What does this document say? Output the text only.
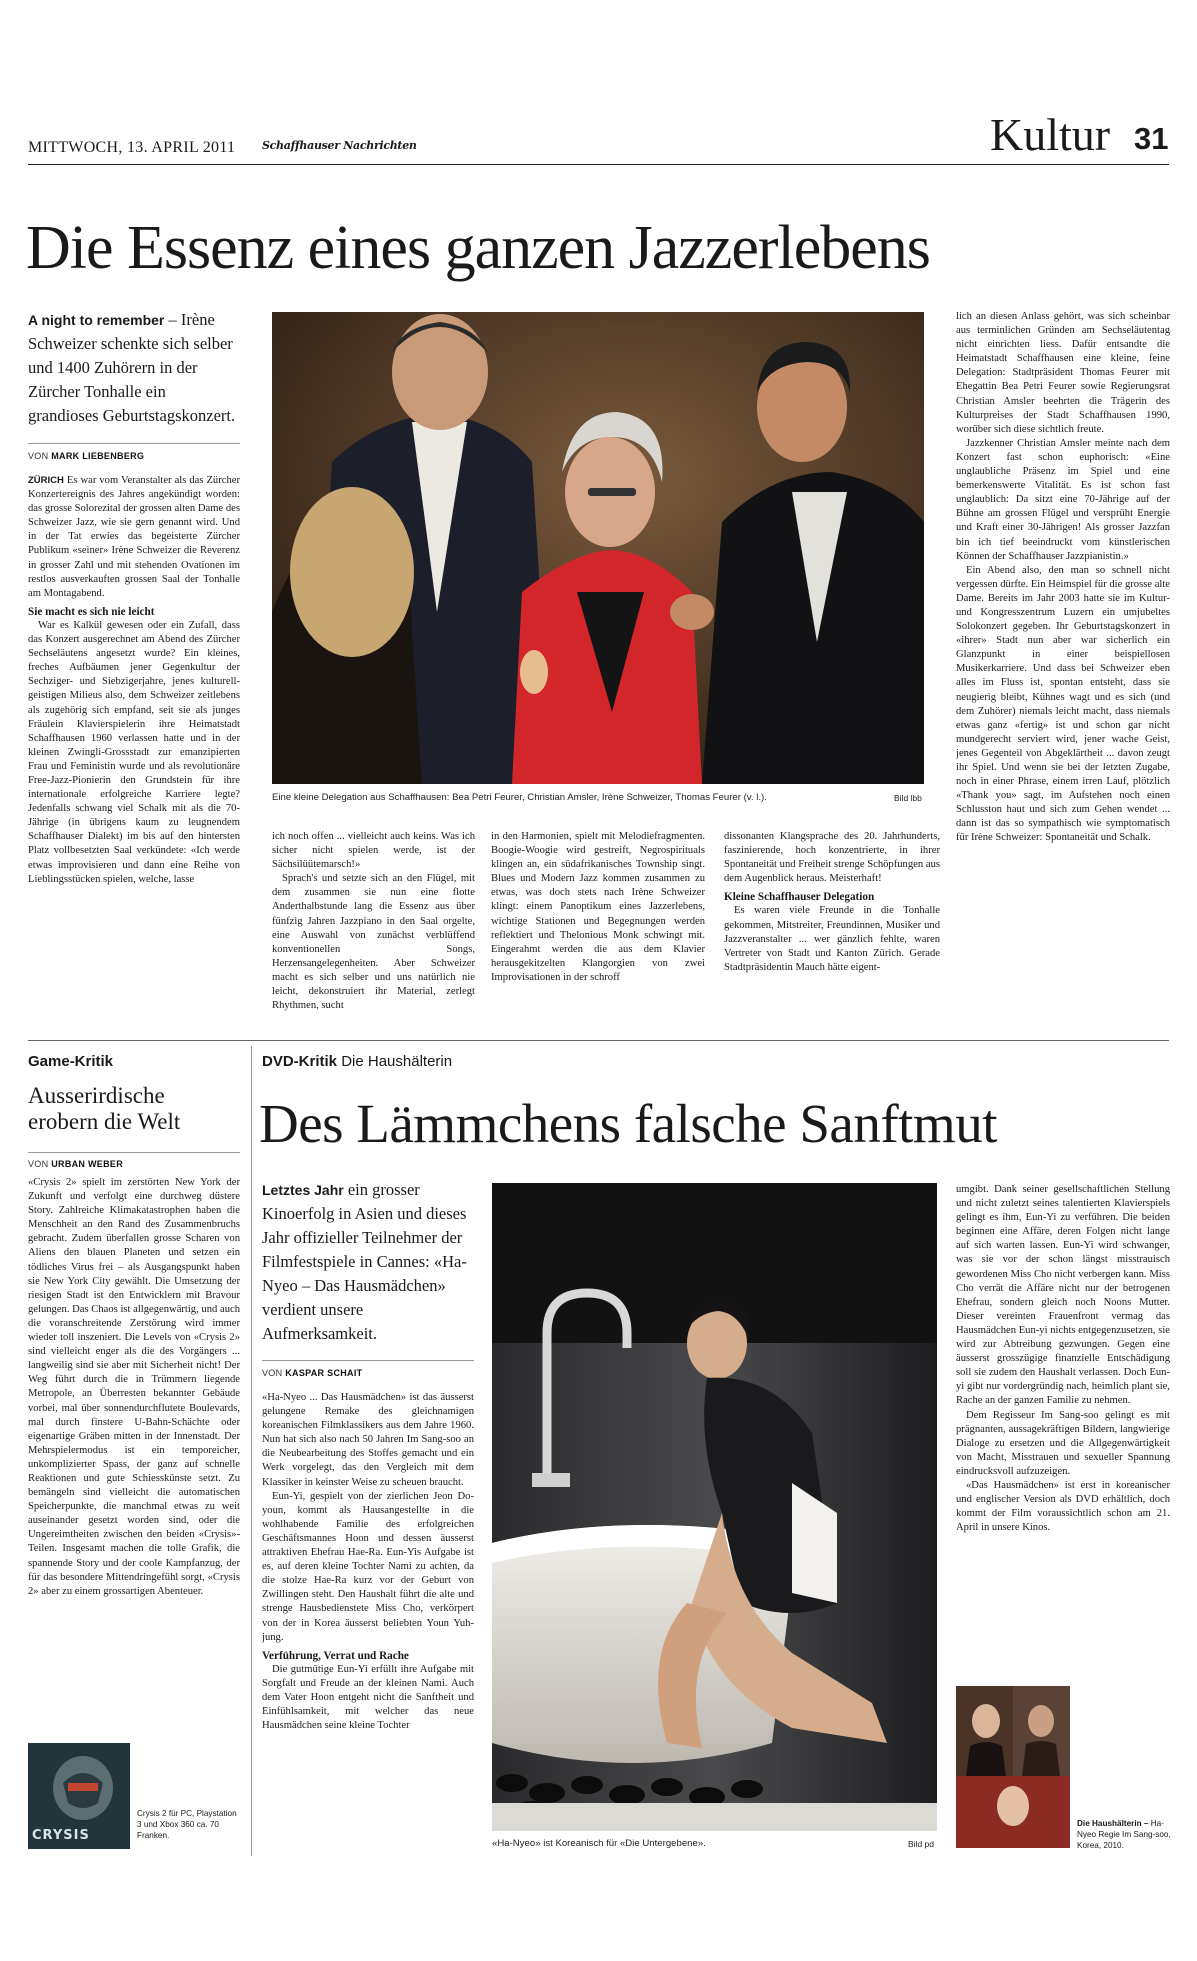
MITTWOCH, 13. APRIL 2011 Schaffhauser Nachrichten	Kultur 31
Die Essenz eines ganzen Jazzerlebens
A night to remember – Irène Schweizer schenkte sich selber und 1400 Zuhörern in der Zürcher Tonhalle ein grandioses Geburtstagskonzert.
VON MARK LIEBENBERG
Eine kleine Delegation aus Schaffhausen: Bea Petri Feurer, Christian Amsler, Irène Schweizer, Thomas Feurer (v. l.).	Bild lbb

ZÜRICH Es war vom Veranstalter als das Zürcher Konzertereignis des Jahres angekündigt worden: das grosse Solorezital der grossen alten Dame des Schweizer Jazz, wie sie gern genannt wird. Und in der Tat erwies das begeisterte Zürcher Publikum «seiner» Irène Schweizer die Reverenz in grosser Zahl und mit stehenden Ovationen im restlos ausverkauften grossen Saal der Tonhalle am Montagabend.

Sie macht es sich nie leicht

War es Kalkül gewesen oder ein Zufall, dass das Konzert ausgerechnet am Abend des Zürcher Sechseläutens angesetzt wurde? Ein kleines, freches Aufbäumen jener Gegenkultur der Sechziger- und Siebzigerjahre, jenes kulturell-geistigen Milieus also, dem Schweizer zeitlebens als zugehörig sich empfand, seit sie als junges Fräulein Klavierspielerin ihre Heimatstadt Schaffhausen 1960 verlassen hatte und in der kleinen Zwingli-Grossstadt zur emanzipierten Frau und Feministin wurde und als revolutionäre Free-Jazz-Pionierin den Grundstein für ihre internationale erfolgreiche Karriere legte? Jedenfalls schwang viel Schalk mit als die 70-Jährige (in übrigens kaum zu leugnendem Schaffhauser Dialekt) im bis auf den hintersten Platz vollbesetzten Saal verkündete: «Ich werde etwas improvisieren und dann eine Reihe von Lieblingsstücken spielen, welche, lasse

ich noch offen ... vielleicht auch keins. Was ich sicher nicht spielen werde, ist der Sächsilüütemarsch!»

Sprach's und setzte sich an den Flügel, mit dem zusammen sie nun eine flotte Anderthalbstunde lang die Essenz aus über fünfzig Jahren Jazzpiano in den Saal orgelte, eine Auswahl von zunächst verblüffend konventionellen Songs, Herzensangelegenheiten. Aber Schweizer macht es sich selber und uns natürlich nie leicht, dekonstruiert ihr Material, zerlegt Rhythmen, sucht

in den Harmonien, spielt mit Melodiefragmenten. Boogie-Woogie wird gestreift, Negrospirituals klingen an, ein südafrikanisches Township singt. Blues und Modern Jazz kommen zusammen zu etwas, was doch stets nach Irène Schweizer klingt: einem Panoptikum eines Jazzerlebens, wichtige Stationen und Begegnungen werden reflektiert und Thelonious Monk schwingt mit. Eingerahmt werden die aus dem Klavier herausgekitzelten Klangorgien von zwei Improvisationen in der schroff

dissonanten Klangsprache des 20. Jahrhunderts, faszinierende, hoch konzentrierte, in ihrer Spontaneität und Freiheit strenge Schöpfungen aus dem Augenblick heraus. Meisterhaft!

Kleine Schaffhauser Delegation

Es waren viele Freunde in die Tonhalle gekommen, Mitstreiter, Freundinnen, Musiker und Jazzveranstalter ... wer gänzlich fehlte, waren Vertreter von Stadt und Kanton Zürich. Gerade Stadtpräsidentin Mauch hätte eigent-

lich an diesen Anlass gehört, was sich scheinbar aus terminlichen Gründen am Sechseläutentag nicht einrichten liess. Dafür entsandte die Heimatstadt Schaffhausen eine kleine, feine Delegation: Stadtpräsident Thomas Feurer mit Ehegattin Bea Petri Feurer sowie Regierungsrat Christian Amsler beehrten die Trägerin des Kulturpreises der Stadt Schaffhausen 1990, worüber sich diese sichtlich freute.

Jazzkenner Christian Amsler meinte nach dem Konzert fast schon euphorisch: «Eine unglaubliche Präsenz im Spiel und eine bemerkenswerte Vitalität. Es ist schon fast unglaublich: Da sitzt eine 70-Jährige auf der Bühne am grossen Flügel und versprüht Energie und Kraft einer 30-Jährigen! Als grosser Jazzfan bin ich tief beeindruckt vom künstlerischen Können der Schaffhauser Jazzpianistin.»

Ein Abend also, den man so schnell nicht vergessen dürfte. Ein Heimspiel für die grosse alte Dame. Bereits im Jahr 2003 hatte sie im Kultur- und Kongresszentrum Luzern ein umjubeltes Solokonzert gegeben. Ihr Geburtstagskonzert in «ihrer» Stadt nun aber war sicherlich ein Glanzpunkt in einer beispiellosen Musikerkarriere. Und dass bei Schweizer eben alles im Fluss ist, spontan entsteht, dass sie neugierig bleibt, Kühnes wagt und es sich (und dem Zuhörer) niemals leicht macht, dass niemals etwas ganz «fertig» ist und schon gar nicht mundgerecht serviert wird, jener wache Geist, jenes Gegenteil von Abgeklärtheit ... davon zeugt ihr Spiel. Und wenn sie bei der letzten Zugabe, noch in einer Phrase, einem irren Lauf, plötzlich «Thank you» sagt, im Aufstehen noch einen Schlusston haut und sich zum Gehen wendet ... dann ist das so sympathisch wie symptomatisch für Irène Schweizer: Spontaneität und Schalk.

Game-Kritik
Ausserirdische erobern die Welt
VON URBAN WEBER

«Crysis 2» spielt im zerstörten New York der Zukunft und verfolgt eine durchweg düstere Story. Zahlreiche Klimakatastrophen haben die Menschheit an den Rand des Zusammenbruchs gebracht. Zudem überfallen grosse Scharen von Aliens den blauen Planeten und setzen ein tödliches Virus frei – als Ausgangspunkt haben sie New York City gewählt. Die Umsetzung der riesigen Stadt ist den Entwicklern mit Bravour gelungen. Das Chaos ist allgegenwärtig, und auch die voranschreitende Zerstörung wird immer wieder toll inszeniert. Die Levels von «Crysis 2» sind vielleicht enger als die des Vorgängers ... langweilig sind sie aber mit Sicherheit nicht! Der Weg führt durch die in Trümmern liegende Metropole, an Überresten bekannter Gebäude vorbei, mal über sonnendurchflutete Boulevards, mal durch finstere U-Bahn-Schächte oder eigenartige Gräben mitten in der Innenstadt. Der Mehrspielermodus ist ein temporeicher, unkomplizierter Spass, der ganz auf schnelle Reaktionen und gute Schiesskünste setzt. Zu bemängeln sind vielleicht die automatischen Speicherpunkte, die manchmal etwas zu weit auseinander gesetzt worden sind, oder die Ungereimtheiten zwischen den beiden «Crysis»-Teilen. Insgesamt machen die tolle Grafik, die spannende Story und der coole Kampfanzug, der für das besondere Mittendringefühl sorgt, «Crysis 2» aber zu einem grossartigen Abenteuer.

CRYSIS
Crysis 2 für PC, Playstation 3 und Xbox 360 ca. 70 Franken.
DVD-Kritik Die Haushälterin
Des Lämmchens falsche Sanftmut
Letztes Jahr ein grosser Kinoerfolg in Asien und dieses Jahr offizieller Teilnehmer der Filmfestspiele in Cannes: «Ha-Nyeo – Das Hausmädchen» verdient unsere Aufmerksamkeit.
VON KASPAR SCHAIT

«Ha-Nyeo ... Das Hausmädchen» ist das äusserst gelungene Remake des gleichnamigen koreanischen Filmklassikers aus dem Jahre 1960. Nun hat sich also nach 50 Jahren Im Sang-soo an die Neubearbeitung des Stoffes gemacht und ein Werk vorgelegt, das den Vergleich mit dem Klassiker in keinster Weise zu scheuen braucht.

Eun-Yi, gespielt von der zierlichen Jeon Do-youn, kommt als Hausangestellte in die wohlhabende Familie des erfolgreichen Geschäftsmannes Hoon und dessen äusserst attraktiven Ehefrau Hae-Ra. Eun-Yis Aufgabe ist es, auf deren kleine Tochter Nami zu achten, da die stolze Hae-Ra kurz vor der Geburt von Zwillingen steht. Den Haushalt führt die alte und strenge Hausbedienstete Miss Cho, verkörpert von der in Korea äusserst beliebten Youn Yuh-jung.

Verführung, Verrat und Rache

Die gutmütige Eun-Yi erfüllt ihre Aufgabe mit Sorgfalt und Freude an der kleinen Nami. Auch dem Vater Hoon entgeht nicht die Sanftheit und Einfühlsamkeit, mit welcher das neue Hausmädchen seine kleine Tochter

«Ha-Nyeo» ist Koreanisch für «Die Untergebene».	Bild pd

umgibt. Dank seiner gesellschaftlichen Stellung und nicht zuletzt seines talentierten Klavierspiels gelingt es ihm, Eun-Yi zu verführen. Die beiden beginnen eine Affäre, deren Folgen nicht lange auf sich warten lassen. Eun-Yi wird schwanger, was sie vor der schon längst misstrauisch gewordenen Miss Cho nicht verbergen kann. Miss Cho verrät die Affäre nicht nur der betrogenen Ehefrau, sondern gleich noch Noons Mutter. Dieser vereinten Frauenfront vermag das Hausmädchen Eun-yi nichts entgegenzusetzen, sie wird zur Abtreibung gezwungen. Gegen eine äusserst grosszügige finanzielle Entschädigung soll sie zudem den Haushalt verlassen. Doch Eun-yi gibt nur vordergründig nach, heimlich plant sie, Rache an der ganzen Familie zu nehmen.

Dem Regisseur Im Sang-soo gelingt es mit prägnanten, aussagekräftigen Bildern, langwierige Dialoge zu ersetzen und die Allgegenwärtigkeit von Macht, Misstrauen und sexueller Spannung eindrucksvoll aufzuzeigen.

«Das Hausmädchen» ist erst in koreanischer und englischer Version als DVD erhältlich, doch kommt der Film voraussichtlich schon am 21. April in unsere Kinos.

Die Haushälterin – Ha-Nyeo Regie Im Sang-soo, Korea, 2010.
